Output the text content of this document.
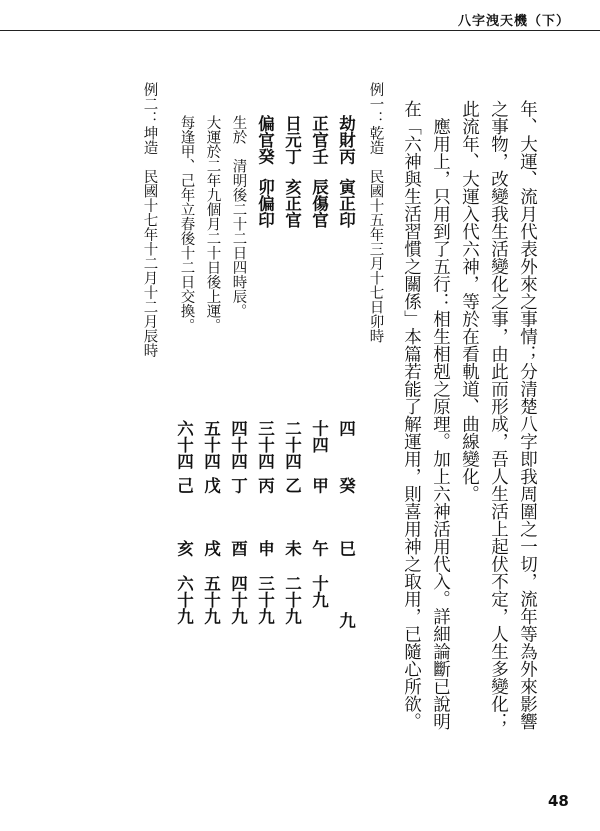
八字洩天機（下）
年、大運、流月代表外來之事情；分清楚八字即我周圍之一切，流年等為外來影響
之事物，改變我生活變化之事，由此而形成，吾人生活上起伏不定，人生多變化；
此流年、大運入代六神，等於在看軌道、曲線變化。
　應用上，只用到了五行：相生相剋之原理。加上六神活用代入。詳細論斷已說明
在「六神與生活習慣之關係」本篇若能了解運用，則喜用神之取用，已隨心所欲。
例一：乾造　民國十五年三月十七日卯時
劫財丙寅正印
正官壬辰傷官
日元丁亥正官
偏官癸卯偏印
生於　清明後二十二日四時辰。
大運於二年九個月二十日後上運。
每逢甲、己年立春後十二日交換。
四
十四
二十四
三十四
四十四
五十四
六十四
癸
甲
乙
丙
丁
戊
己
巳
午
未
申
酉
戌
亥
九
十九
二十九
三十九
四十九
五十九
六十九
例二：坤造　民國十七年十二月十二月辰時
48
